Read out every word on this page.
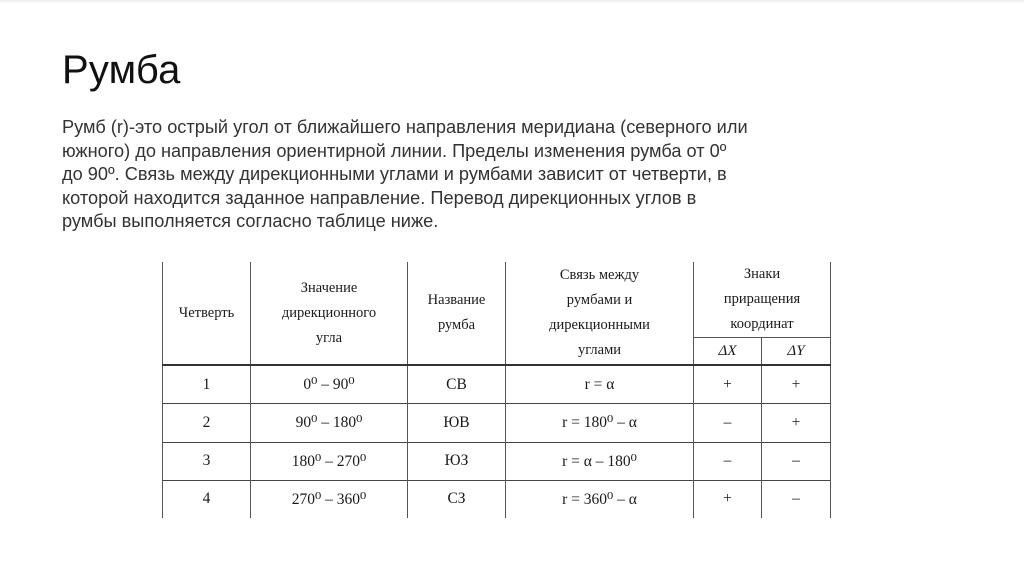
Румба

Румб (r)-это острый угол от ближайшего направления меридиана (северного или
южного) до направления ориентирной линии. Пределы изменения румба от 0º
до 90º. Связь между дирекционными углами и румбами зависит от четверти, в
которой находится заданное направление. Перевод дирекционных углов в
румбы выполняется согласно таблице ниже.

Четверть	Значение
дирекционного
угла	Название
румба	Связь между
румбами и
дирекционными
углами	Знаки
приращения
координат	

				ΔX	ΔY
1	0⁰ – 90⁰	СВ	r = α	+	+
2	90⁰ – 180⁰	ЮВ	r = 180⁰ – α	–	+
3	180⁰ – 270⁰	ЮЗ	r = α – 180⁰	–	–
4	270⁰ – 360⁰	СЗ	r = 360⁰ – α	+	–
